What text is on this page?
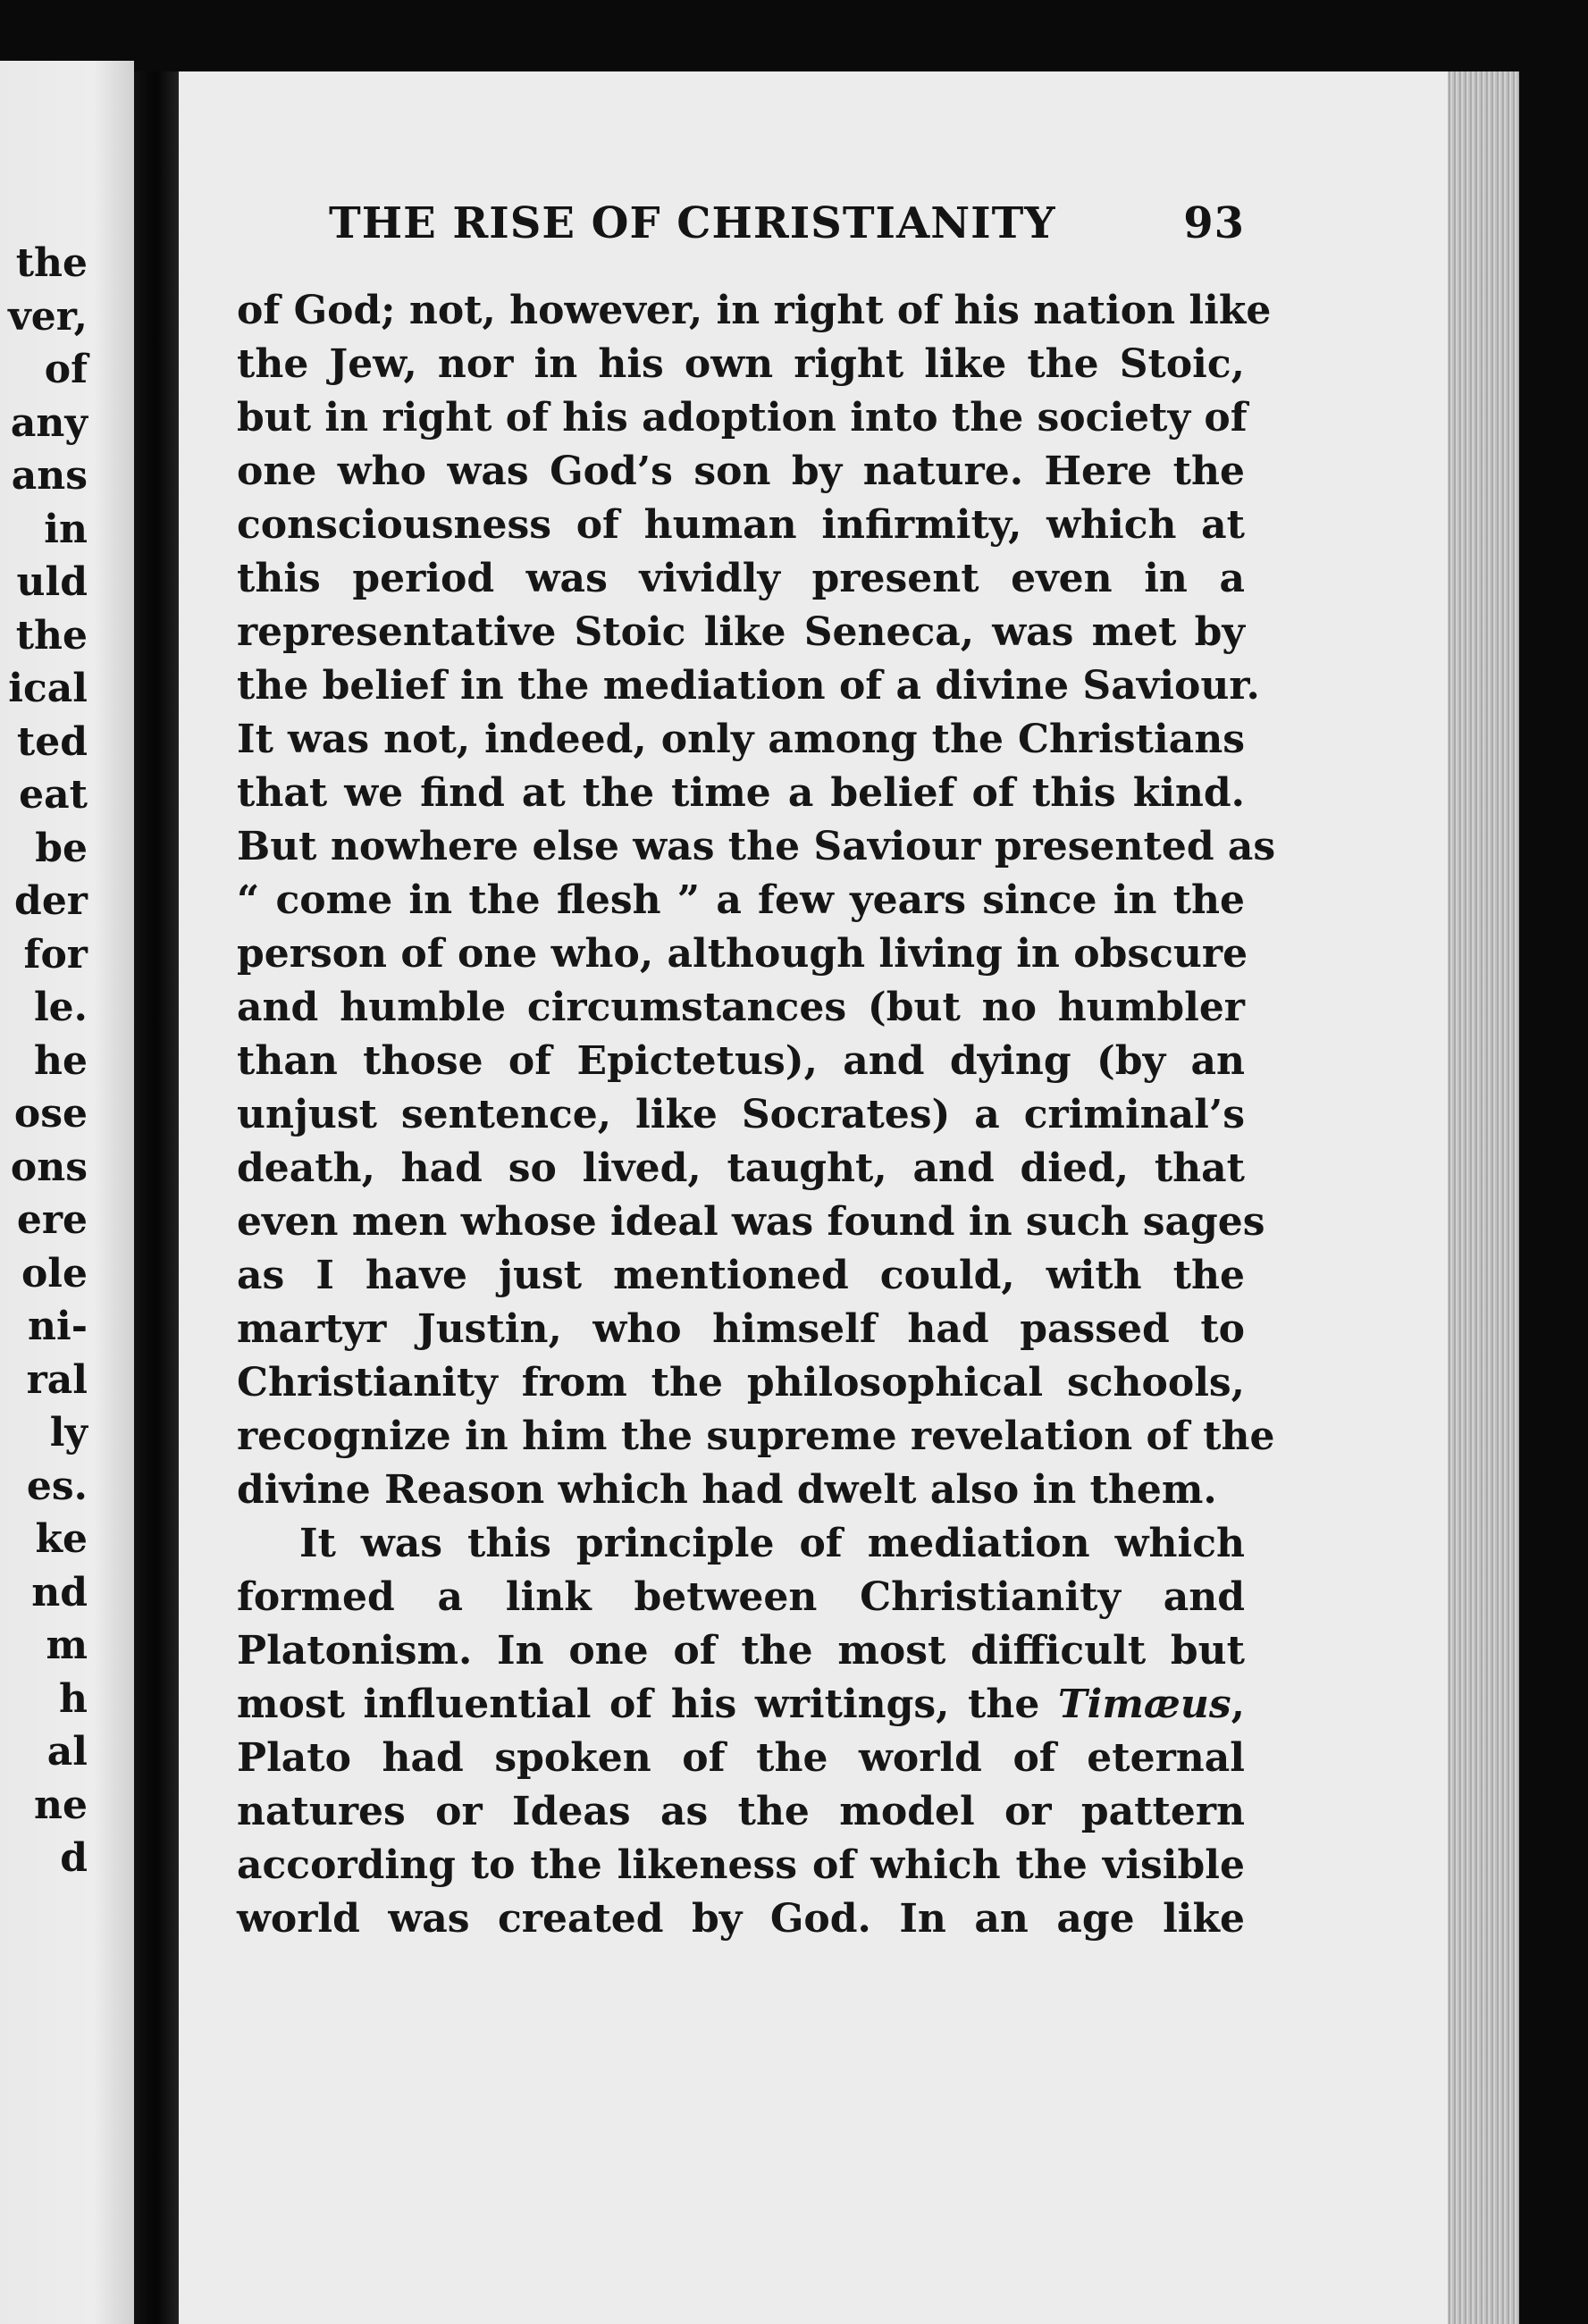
the
ver,
of
any
ans
in
uld
the
ical
ted
eat
be
der
for
le.
he
ose
ons
ere
ole
ni-
ral
ly
es.
ke
nd
m
h
al
ne
d
THE RISE OF CHRISTIANITY	93
of God; not, however, in right of his nation like
the Jew, nor in his own right like the Stoic,
but in right of his adoption into the society of
one who was God’s son by nature. Here the
consciousness of human infirmity, which at
this period was vividly present even in a
representative Stoic like Seneca, was met by
the belief in the mediation of a divine Saviour.
It was not, indeed, only among the Christians
that we find at the time a belief of this kind.
But nowhere else was the Saviour presented as
“ come in the flesh ” a few years since in the
person of one who, although living in obscure
and humble circumstances (but no humbler
than those of Epictetus), and dying (by an
unjust sentence, like Socrates) a criminal’s
death, had so lived, taught, and died, that
even men whose ideal was found in such sages
as I have just mentioned could, with the
martyr Justin, who himself had passed to
Christianity from the philosophical schools,
recognize in him the supreme revelation of the
divine Reason which had dwelt also in them.
It was this principle of mediation which
formed a link between Christianity and
Platonism. In one of the most difficult but
most influential of his writings, the Timæus,
Plato had spoken of the world of eternal
natures or Ideas as the model or pattern
according to the likeness of which the visible
world was created by God. In an age like
